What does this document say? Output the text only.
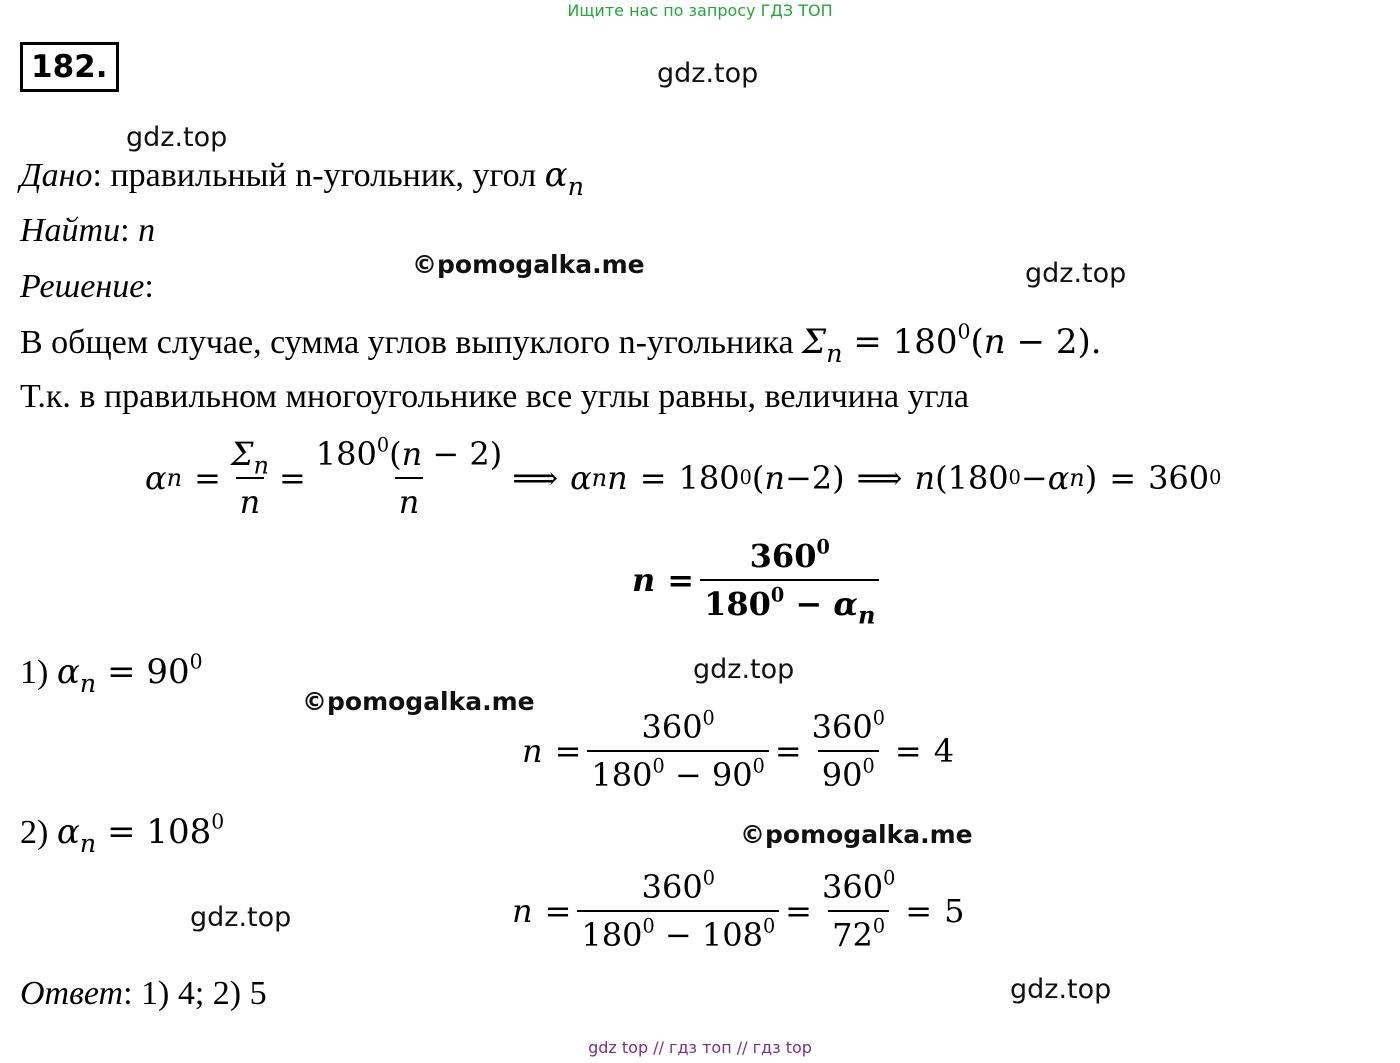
Ищите нас по запросу ГДЗ ТОП
gdz.top
gdz.top
gdz.top
gdz.top
gdz.top
gdz.top
©pomogalka.me
©pomogalka.me
©pomogalka.me
gdz top // гдз топ // гдз top
182.
Дано: правильный n-угольник, угол $\alpha_n$
Найти: n
Решение:
В общем случае, сумма углов выпуклого n-угольника $\Sigma_n = 180^0(n - 2)$.
Т.к. в правильном многоугольнике все углы равны, величина угла
α $n = \frac{\Sigma_n}{n} = \frac{180^0(n - 2)}{n}$ ⟹ α n n = 180 0 ( n − 2 ) ⟹ n ( 180 0 − α n )
= 360 0
$n = \frac{360^0}{180^0 - \alpha_n}$
1) $\alpha_n = 90^0$
$n = \frac{360^0}{180^0 - 90^0} = \frac{360^0}{90^0} = 4$
2) $\alpha_n = 108^0$
$n = \frac{360^0}{180^0 - 108^0} = \frac{360^0}{72^0} = 5$
Ответ: 1) 4; 2) 5
